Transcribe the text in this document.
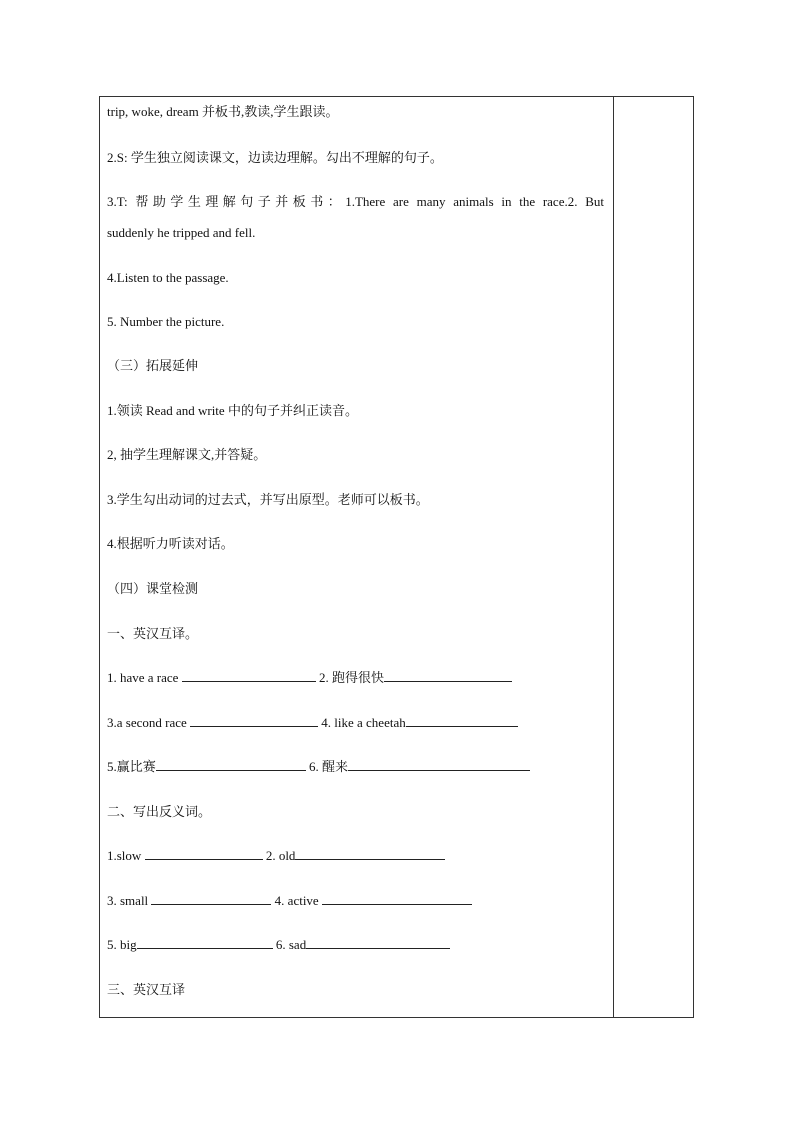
trip, woke, dream 并板书,教读,学生跟读。
2.S: 学生独立阅读课文，边读边理解。勾出不理解的句子。
3.T: 帮助学生理解句子并板书：1.There are many animals in the race.2. But
suddenly he tripped and fell.
4.Listen to the passage.
5. Number the picture.
（三）拓展延伸
1.领读 Read and write 中的句子并纠正读音。
2, 抽学生理解课文,并答疑。
3.学生勾出动词的过去式，并写出原型。老师可以板书。
4.根据听力听读对话。
（四）课堂检测
一、英汉互译。
1. have a race	2. 跑得很快
3.a second race	4. like a cheetah
5.赢比赛	6. 醒来
二、写出反义词。
1.slow	2. old
3. small	4. active
5. big	6. sad
三、英汉互译
